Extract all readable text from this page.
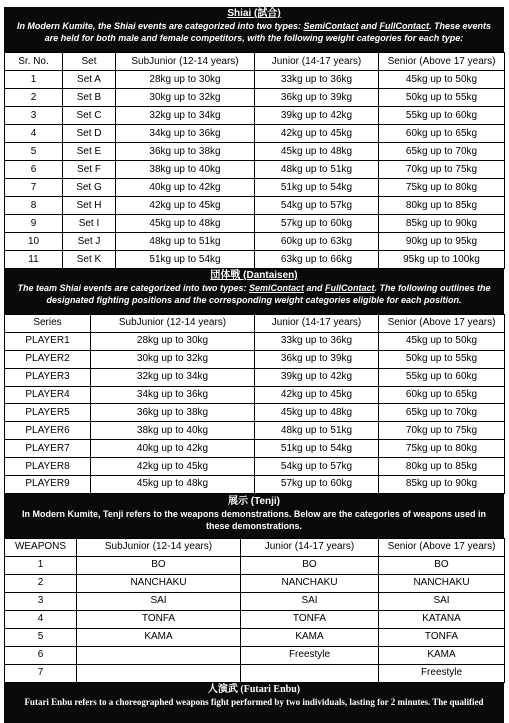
Shiai (試合)
In Modern Kumite, the Shiai events are categorized into two types: SemiContact and FullContact. These events are held for both male and female competitors, with the following weight categories for each type:
Sr. No.	Set	SubJunior (12-14 years)	Junior (14-17 years)	Senior (Above 17 years)
1	Set A	28kg up to 30kg	33kg up to 36kg	45kg up to 50kg
2	Set B	30kg up to 32kg	36kg up to 39kg	50kg up to 55kg
3	Set C	32kg up to 34kg	39kg up to 42kg	55kg up to 60kg
4	Set D	34kg up to 36kg	42kg up to 45kg	60kg up to 65kg
5	Set E	36kg up to 38kg	45kg up to 48kg	65kg up to 70kg
6	Set F	38kg up to 40kg	48kg up to 51kg	70kg up to 75kg
7	Set G	40kg up to 42kg	51kg up to 54kg	75kg up to 80kg
8	Set H	42kg up to 45kg	54kg up to 57kg	80kg up to 85kg
9	Set I	45kg up to 48kg	57kg up to 60kg	85kg up to 90kg
10	Set J	48kg up to 51kg	60kg up to 63kg	90kg up to 95kg
11	Set K	51kg up to 54kg	63kg up to 66kg	95kg up to 100kg
団体戦 (Dantaisen)
The team Shiai events are categorized into two types: SemiContact and FullContact. The following outlines the designated fighting positions and the corresponding weight categories eligible for each position.
Series	SubJunior (12-14 years)	Junior (14-17 years)	Senior (Above 17 years)
PLAYER1	28kg up to 30kg	33kg up to 36kg	45kg up to 50kg
PLAYER2	30kg up to 32kg	36kg up to 39kg	50kg up to 55kg
PLAYER3	32kg up to 34kg	39kg up to 42kg	55kg up to 60kg
PLAYER4	34kg up to 36kg	42kg up to 45kg	60kg up to 65kg
PLAYER5	36kg up to 38kg	45kg up to 48kg	65kg up to 70kg
PLAYER6	38kg up to 40kg	48kg up to 51kg	70kg up to 75kg
PLAYER7	40kg up to 42kg	51kg up to 54kg	75kg up to 80kg
PLAYER8	42kg up to 45kg	54kg up to 57kg	80kg up to 85kg
PLAYER9	45kg up to 48kg	57kg up to 60kg	85kg up to 90kg
展示 (Tenji)
In Modern Kumite, Tenji refers to the weapons demonstrations. Below are the categories of weapons used in these demonstrations.
WEAPONS	SubJunior (12-14 years)	Junior (14-17 years)	Senior (Above 17 years)
1	BO	BO	BO
2	NANCHAKU	NANCHAKU	NANCHAKU
3	SAI	SAI	SAI
4	TONFA	TONFA	KATANA
5	KAMA	KAMA	TONFA
6		Freestyle	KAMA
7			Freestyle
人演武 (Futari Enbu)
Futari Enbu refers to a choreographed weapons fight performed by two individuals, lasting for 2 minutes. The qualified
